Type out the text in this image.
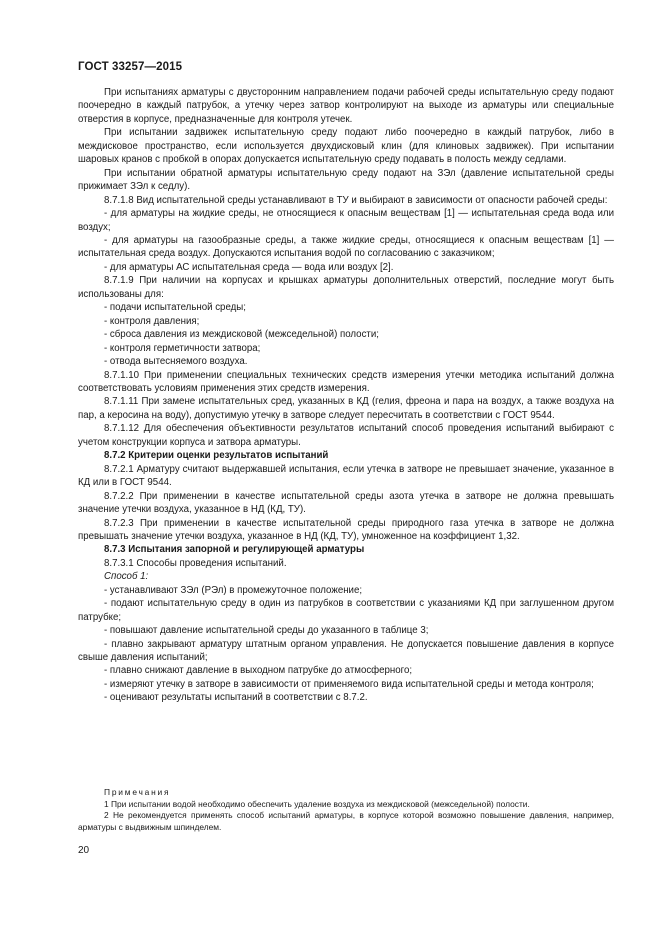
ГОСТ 33257—2015

При испытаниях арматуры с двусторонним направлением подачи рабочей среды испытательную среду подают поочередно в каждый патрубок, а утечку через затвор контролируют на выходе из арматуры или специальные отверстия в корпусе, предназначенные для контроля утечек.

При испытании задвижек испытательную среду подают либо поочередно в каждый патрубок, либо в междисковое пространство, если используется двухдисковый клин (для клиновых задвижек). При испытании шаровых кранов с пробкой в опорах допускается испытательную среду подавать в полость между седлами.

При испытании обратной арматуры испытательную среду подают на ЗЭл (давление испытательной среды прижимает ЗЭл к седлу).

8.7.1.8 Вид испытательной среды устанавливают в ТУ и выбирают в зависимости от опасности рабочей среды:

- для арматуры на жидкие среды, не относящиеся к опасным веществам [1] — испытательная среда вода или воздух;

- для арматуры на газообразные среды, а также жидкие среды, относящиеся к опасным веществам [1] — испытательная среда воздух. Допускаются испытания водой по согласованию с заказчиком;

- для арматуры АС испытательная среда — вода или воздух [2].

8.7.1.9 При наличии на корпусах и крышках арматуры дополнительных отверстий, последние могут быть использованы для:

- подачи испытательной среды;

- контроля давления;

- сброса давления из междисковой (межседельной) полости;

- контроля герметичности затвора;

- отвода вытесняемого воздуха.

8.7.1.10 При применении специальных технических средств измерения утечки методика испытаний должна соответствовать условиям применения этих средств измерения.

8.7.1.11 При замене испытательных сред, указанных в КД (гелия, фреона и пара на воздух, а также воздуха на пар, а керосина на воду), допустимую утечку в затворе следует пересчитать в соответствии с ГОСТ 9544.

8.7.1.12 Для обеспечения объективности результатов испытаний способ проведения испытаний выбирают с учетом конструкции корпуса и затвора арматуры.

8.7.2 Критерии оценки результатов испытаний

8.7.2.1 Арматуру считают выдержавшей испытания, если утечка в затворе не превышает значение, указанное в КД или в ГОСТ 9544.

8.7.2.2 При применении в качестве испытательной среды азота утечка в затворе не должна превышать значение утечки воздуха, указанное в НД (КД, ТУ).

8.7.2.3 При применении в качестве испытательной среды природного газа утечка в затворе не должна превышать значение утечки воздуха, указанное в НД (КД, ТУ), умноженное на коэффициент 1,32.

8.7.3 Испытания запорной и регулирующей арматуры

8.7.3.1 Способы проведения испытаний.

Способ 1:

- устанавливают ЗЭл (РЭл) в промежуточное положение;

- подают испытательную среду в один из патрубков в соответствии с указаниями КД при заглушенном другом патрубке;

- повышают давление испытательной среды до указанного в таблице 3;

- плавно закрывают арматуру штатным органом управления. Не допускается повышение давления в корпусе свыше давления испытаний;

- плавно снижают давление в выходном патрубке до атмосферного;

- измеряют утечку в затворе в зависимости от применяемого вида испытательной среды и метода контроля;

- оценивают результаты испытаний в соответствии с 8.7.2.

Примечания

1 При испытании водой необходимо обеспечить удаление воздуха из междисковой (межседельной) полости.

2 Не рекомендуется применять способ испытаний арматуры, в корпусе которой возможно повышение давления, например, арматуры с выдвижным шпинделем.

20
